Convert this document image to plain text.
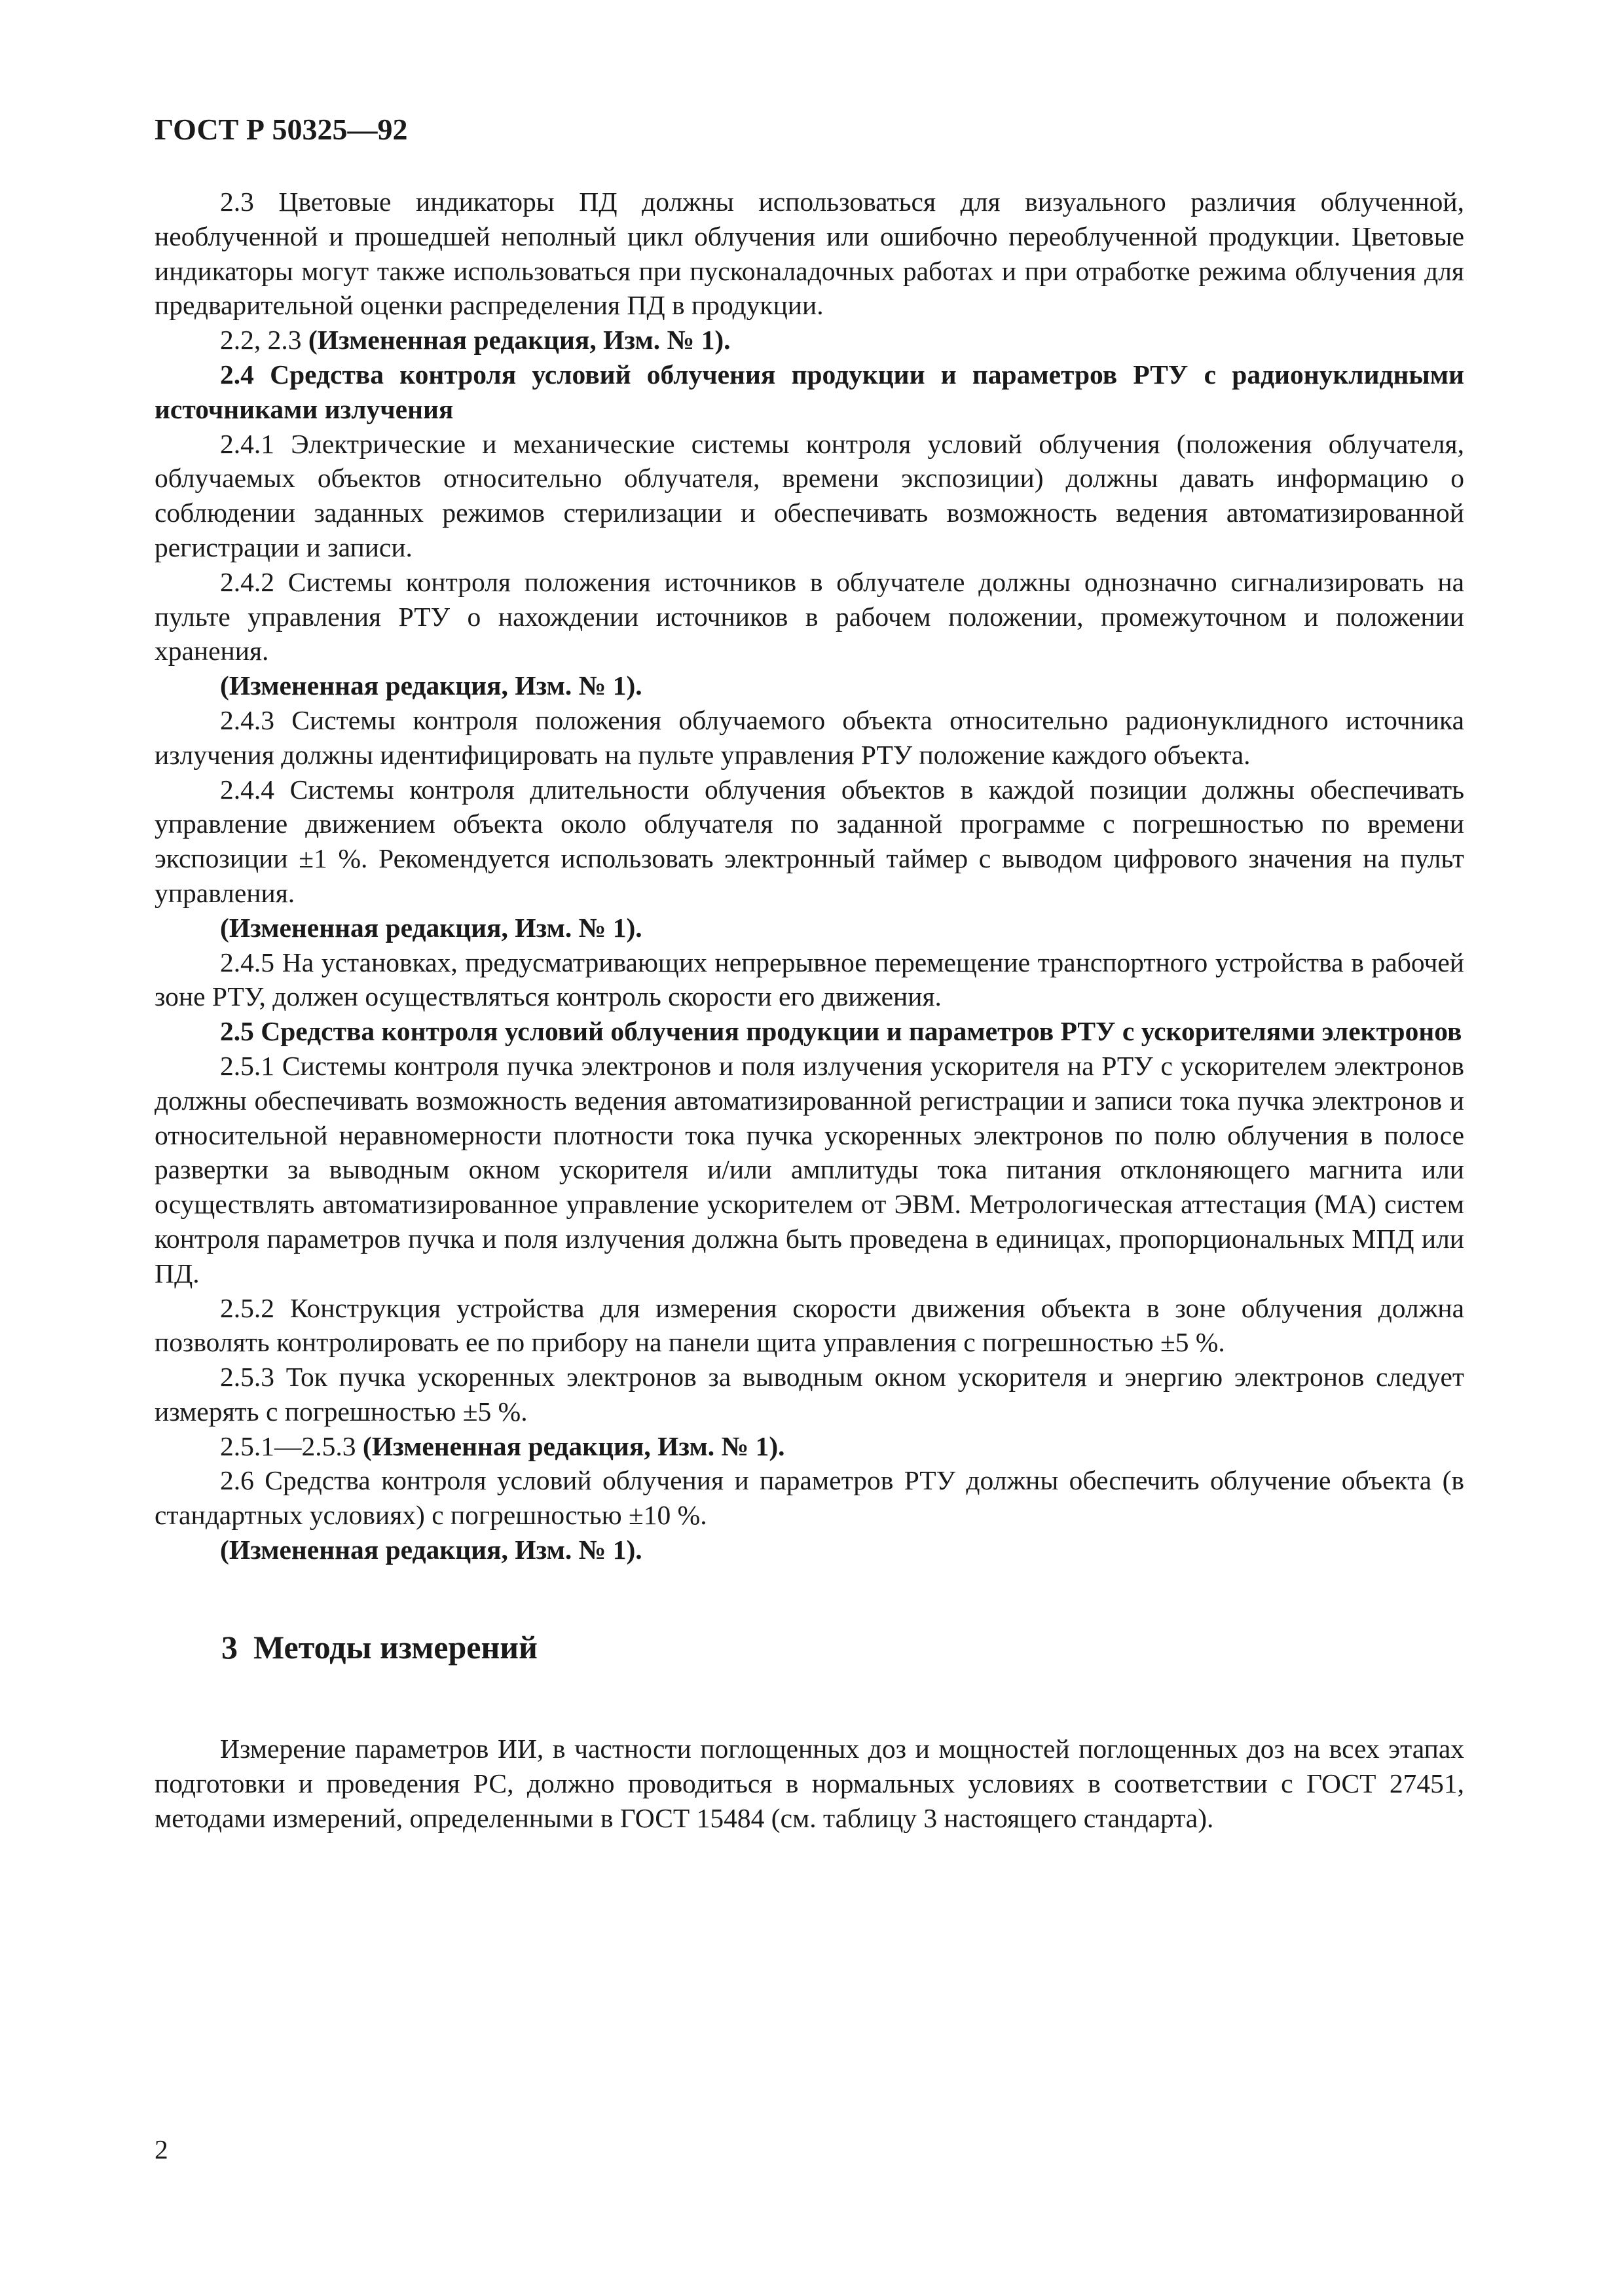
ГОСТ Р 50325—92

2.3 Цветовые индикаторы ПД должны использоваться для визуального различия облученной, необлученной и прошедшей неполный цикл облучения или ошибочно переоблученной продукции. Цветовые индикаторы могут также использоваться при пусконаладочных работах и при отработке режима облучения для предварительной оценки распределения ПД в продукции.

2.2, 2.3 (Измененная редакция, Изм. № 1).

2.4 Средства контроля условий облучения продукции и параметров РТУ с радионуклидными источниками излучения

2.4.1 Электрические и механические системы контроля условий облучения (положения облучателя, облучаемых объектов относительно облучателя, времени экспозиции) должны давать информацию о соблюдении заданных режимов стерилизации и обеспечивать возможность ведения автоматизированной регистрации и записи.

2.4.2 Системы контроля положения источников в облучателе должны однозначно сигнализировать на пульте управления РТУ о нахождении источников в рабочем положении, промежуточном и положении хранения.

(Измененная редакция, Изм. № 1).

2.4.3 Системы контроля положения облучаемого объекта относительно радионуклидного источника излучения должны идентифицировать на пульте управления РТУ положение каждого объекта.

2.4.4 Системы контроля длительности облучения объектов в каждой позиции должны обеспечивать управление движением объекта около облучателя по заданной программе с погрешностью по времени экспозиции ±1 %. Рекомендуется использовать электронный таймер с выводом цифрового значения на пульт управления.

(Измененная редакция, Изм. № 1).

2.4.5 На установках, предусматривающих непрерывное перемещение транспортного устройства в рабочей зоне РТУ, должен осуществляться контроль скорости его движения.

2.5 Средства контроля условий облучения продукции и параметров РТУ с ускорителями электронов

2.5.1 Системы контроля пучка электронов и поля излучения ускорителя на РТУ с ускорителем электронов должны обеспечивать возможность ведения автоматизированной регистрации и записи тока пучка электронов и относительной неравномерности плотности тока пучка ускоренных электронов по полю облучения в полосе развертки за выводным окном ускорителя и/или амплитуды тока питания отклоняющего магнита или осуществлять автоматизированное управление ускорителем от ЭВМ. Метрологическая аттестация (МА) систем контроля параметров пучка и поля излучения должна быть проведена в единицах, пропорциональных МПД или ПД.

2.5.2 Конструкция устройства для измерения скорости движения объекта в зоне облучения должна позволять контролировать ее по прибору на панели щита управления с погрешностью ±5 %.

2.5.3 Ток пучка ускоренных электронов за выводным окном ускорителя и энергию электронов следует измерять с погрешностью ±5 %.

2.5.1—2.5.3 (Измененная редакция, Изм. № 1).

2.6 Средства контроля условий облучения и параметров РТУ должны обеспечить облучение объекта (в стандартных условиях) с погрешностью ±10 %.

(Измененная редакция, Изм. № 1).

3 Методы измерений

Измерение параметров ИИ, в частности поглощенных доз и мощностей поглощенных доз на всех этапах подготовки и проведения РС, должно проводиться в нормальных условиях в соответствии с ГОСТ 27451, методами измерений, определенными в ГОСТ 15484 (см. таблицу 3 настоящего стандарта).

2
